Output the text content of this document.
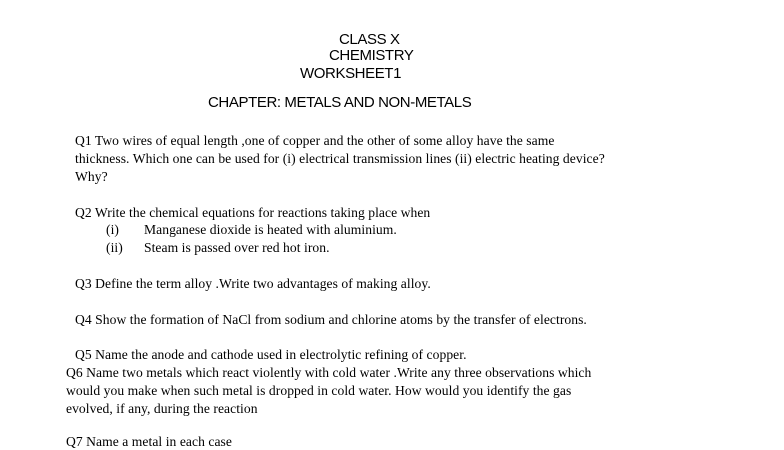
CLASS X
CHEMISTRY
WORKSHEET1
CHAPTER: METALS AND NON-METALS
Q1 Two wires of equal length ,one of copper and the other of some alloy have the same
thickness. Which one can be used for (i) electrical transmission lines (ii) electric heating device?
Why?
Q2 Write the chemical equations for reactions taking place when
(i) Manganese dioxide is heated with aluminium.
(ii) Steam is passed over red hot iron.
Q3 Define the term alloy .Write two advantages of making alloy.
Q4 Show the formation of NaCl from sodium and chlorine atoms by the transfer of electrons.
Q5 Name the anode and cathode used in electrolytic refining of copper.
Q6 Name two metals which react violently with cold water .Write any three observations which
would you make when such metal is dropped in cold water. How would you identify the gas
evolved, if any, during the reaction
Q7 Name a metal in each case
